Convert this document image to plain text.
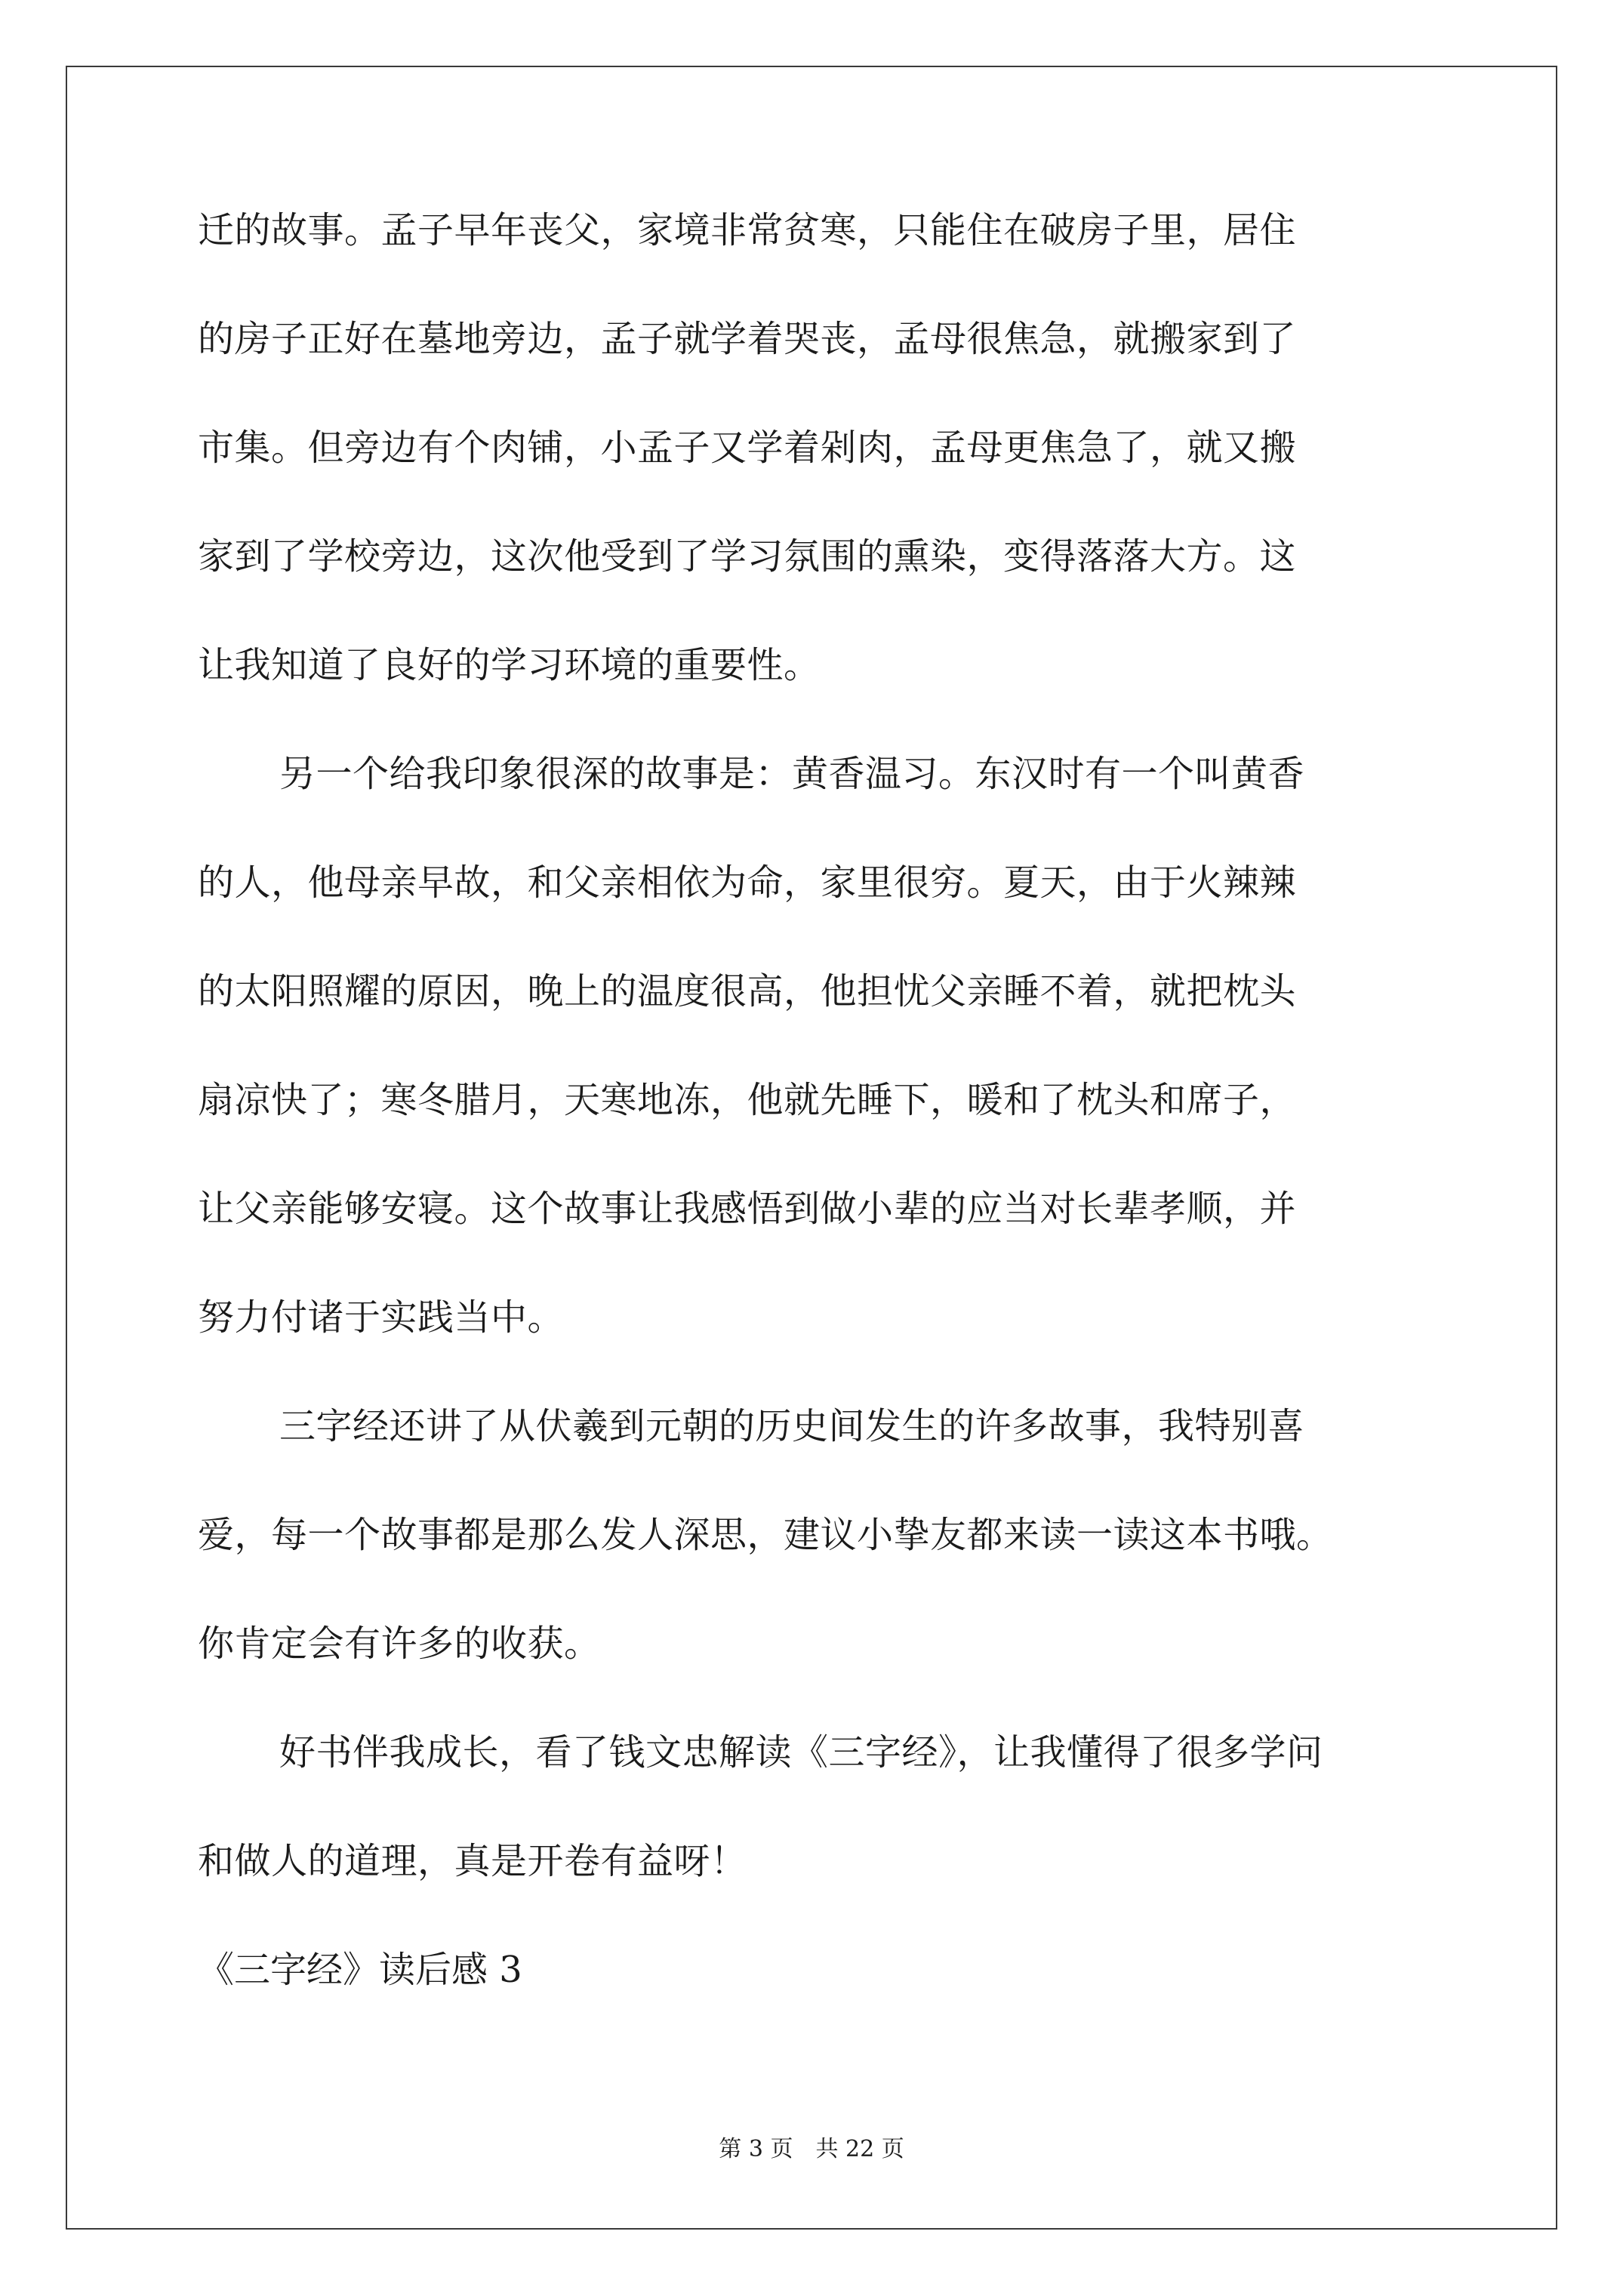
迁的故事。孟子早年丧父，家境非常贫寒，只能住在破房子里，居住
的房子正好在墓地旁边，孟子就学着哭丧，孟母很焦急，就搬家到了
市集。但旁边有个肉铺，小孟子又学着剁肉，孟母更焦急了，就又搬
家到了学校旁边，这次他受到了学习氛围的熏染，变得落落大方。这
让我知道了良好的学习环境的重要性。
另一个给我印象很深的故事是：黄香温习。东汉时有一个叫黄香
的人，他母亲早故，和父亲相依为命，家里很穷。夏天，由于火辣辣
的太阳照耀的原因，晚上的温度很高，他担忧父亲睡不着，就把枕头
扇凉快了；寒冬腊月，天寒地冻，他就先睡下，暖和了枕头和席子，
让父亲能够安寝。这个故事让我感悟到做小辈的应当对长辈孝顺，并
努力付诸于实践当中。
三字经还讲了从伏羲到元朝的历史间发生的许多故事，我特别喜
爱，每一个故事都是那么发人深思，建议小挚友都来读一读这本书哦。
你肯定会有许多的收获。
好书伴我成长，看了钱文忠解读《三字经》，让我懂得了很多学问
和做人的道理，真是开卷有益呀！
《三字经》读后感 3
第 3 页　共 22 页
